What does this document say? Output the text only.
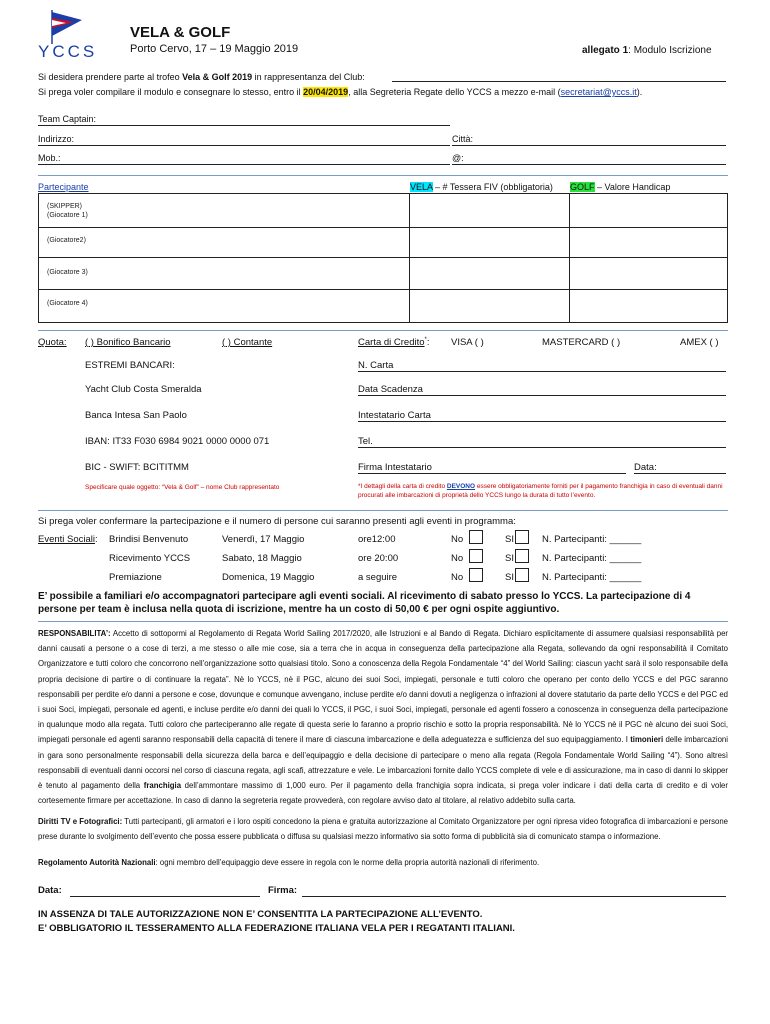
YCCS
VELA & GOLF
Porto Cervo, 17 – 19 Maggio 2019	allegato 1: Modulo Iscrizione
Si desidera prendere parte al trofeo Vela & Golf 2019 in rappresentanza del Club:
Si prega voler compilare il modulo e consegnare lo stesso, entro il 20/04/2019, alla Segreteria Regate dello YCCS a mezzo e-mail (secretariat@yccs.it).
Team Captain:
Indirizzo:	Città:
Mob.:	@:
Partecipante	VELA – # Tessera FIV (obbligatoria) GOLF – Valore Handicap
(SKIPPER)
(Giocatore 1)
(Giocatore2)
(Giocatore 3)
(Giocatore 4)
Quota: ( ) Bonifico Bancario	( ) Contante	Carta di Credito*: VISA ( )	MASTERCARD ( )	AMEX ( )
ESTREMI BANCARI:
Yacht Club Costa Smeralda
Banca Intesa San Paolo
IBAN: IT33 F030 6984 9021 0000 0000 071
BIC - SWIFT: BCITITMM
Specificare quale oggetto: “Vela & Golf” – nome Club rappresentato
N. Carta
Data Scadenza
Intestatario Carta
Tel.
Firma Intestatario	Data:
*I dettagli della carta di credito DEVONO essere obbligatoriamente forniti per il pagamento franchigia in caso di eventuali danni procurati alle imbarcazioni di proprietà dello YCCS lungo la durata di tutto l’evento.
Si prega voler confermare la partecipazione e il numero di persone cui saranno presenti agli eventi in programma:
Eventi Sociali: Brindisi Benvenuto	Venerdì, 17 Maggio	ore12:00	No	SI	N. Partecipanti: ______
Ricevimento YCCS	Sabato, 18 Maggio	ore 20:00	No	SI	N. Partecipanti: ______
Premiazione	Domenica, 19 Maggio	a seguire	No	SI	N. Partecipanti: ______
E’ possibile a familiari e/o accompagnatori partecipare agli eventi sociali. Al ricevimento di sabato presso lo YCCS. La partecipazione di 4 persone per team è inclusa nella quota di iscrizione, mentre ha un costo di 50,00 € per ogni ospite aggiuntivo.
RESPONSABILITA’: Accetto di sottopormi al Regolamento di Regata World Sailing 2017/2020, alle Istruzioni e al Bando di Regata. Dichiaro esplicitamente di assumere qualsiasi responsabilità per danni causati a persone o a cose di terzi, a me stesso o alle mie cose, sia a terra che in acqua in conseguenza della partecipazione alla Regata, sollevando da ogni responsabilità il Comitato Organizzatore e tutti coloro che concorrono nell’organizzazione sotto qualsiasi titolo. Sono a conoscenza della Regola Fondamentale “4” del World Sailing: ciascun yacht sarà il solo responsabile della propria decisione di partire o di continuare la regata”. Nè lo YCCS, nè il PGC, alcuno dei suoi Soci, impiegati, personale e tutti coloro che operano per conto dello YCCS e del PGC saranno responsabili per perdite e/o danni a persone e cose, dovunque e comunque avvengano, incluse perdite e/o danni dovuti a negligenza o infrazioni al dovere statutario da parte dello YCCS e del PGC ed i suoi Soci, impiegati, personale ed agenti, e incluse perdite e/o danni dei quali lo YCCS, il PGC, i suoi Soci, impiegati, personale ed agenti fossero a conoscenza in conseguenza della partecipazione in qualunque modo alla regata. Tutti coloro che parteciperanno alle regate di questa serie lo faranno a proprio rischio e sotto la propria responsabilità. Nè lo YCCS nè il PGC nè alcuno dei suoi Soci, impiegati personale ed agenti saranno responsabili della capacità di tenere il mare di ciascuna imbarcazione e della adeguatezza e sufficienza del suo equipaggiamento. I timonieri delle imbarcazioni in gara sono personalmente responsabili della sicurezza della barca e dell’equipaggio e della decisione di partecipare o meno alla regata (Regola Fondamentale World Sailing “4”). Sono altresì responsabili di eventuali danni occorsi nel corso di ciascuna regata, agli scafi, attrezzature e vele. Le imbarcazioni fornite dallo YCCS complete di vele e di assicurazione, ma in caso di danni lo skipper è tenuto al pagamento della franchigia dell’ammontare massimo di 1,000 euro. Per il pagamento della franchigia sopra indicata, si prega voler indicare i dati della carta di credito e di voler cortesemente firmare per accettazione. In caso di danno la segreteria regate provvederà, con regolare avviso dato al titolare, al relativo addebito sulla carta.
Diritti TV e Fotografici: Tutti partecipanti, gli armatori e i loro ospiti concedono la piena e gratuita autorizzazione al Comitato Organizzatore per ogni ripresa video fotografica di imbarcazioni e persone prese durante lo svolgimento dell’evento che possa essere pubblicata o diffusa su qualsiasi mezzo informativo sia sotto forma di pubblicità sia di comunicato stampa o informazione.
Regolamento Autorità Nazionali: ogni membro dell’equipaggio deve essere in regola con le norme della propria autorità nazionali di riferimento.
Data:	Firma:
IN ASSENZA DI TALE AUTORIZZAZIONE NON E’ CONSENTITA LA PARTECIPAZIONE ALL’EVENTO.
E’ OBBLIGATORIO IL TESSERAMENTO ALLA FEDERAZIONE ITALIANA VELA PER I REGATANTI ITALIANI.
